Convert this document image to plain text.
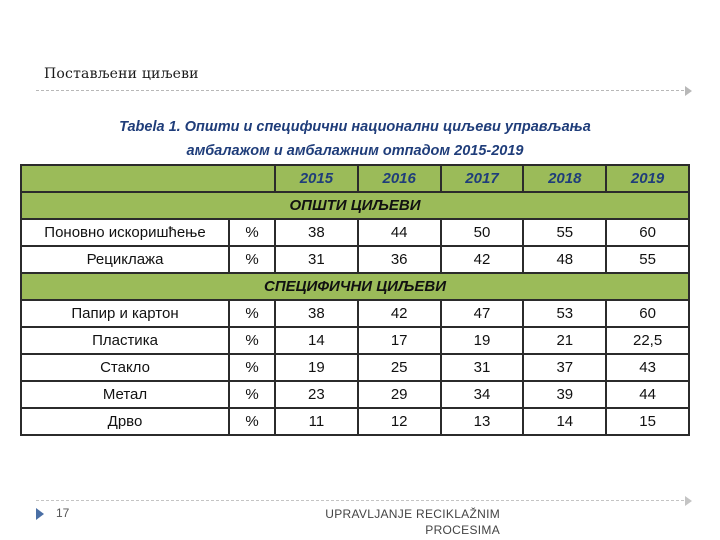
Постављени циљеви
Tabela 1. Општи и специфични национални циљеви управљања
амбалажом и амбалажним отпадом 2015-2019
		2015	2016	2017	2018	2019
ОПШТИ ЦИЉЕВИ						
Поновно искоришћење	%	38	44	50	55	60
Рециклажа	%	31	36	42	48	55
СПЕЦИФИЧНИ ЦИЉЕВИ						
Папир и картон	%	38	42	47	53	60
Пластика	%	14	17	19	21	22,5
Стакло	%	19	25	31	37	43
Метал	%	23	29	34	39	44
Дрво	%	11	12	13	14	15
17	UPRAVLJANJE RECIKLAŽNIM
PROCESIMA
